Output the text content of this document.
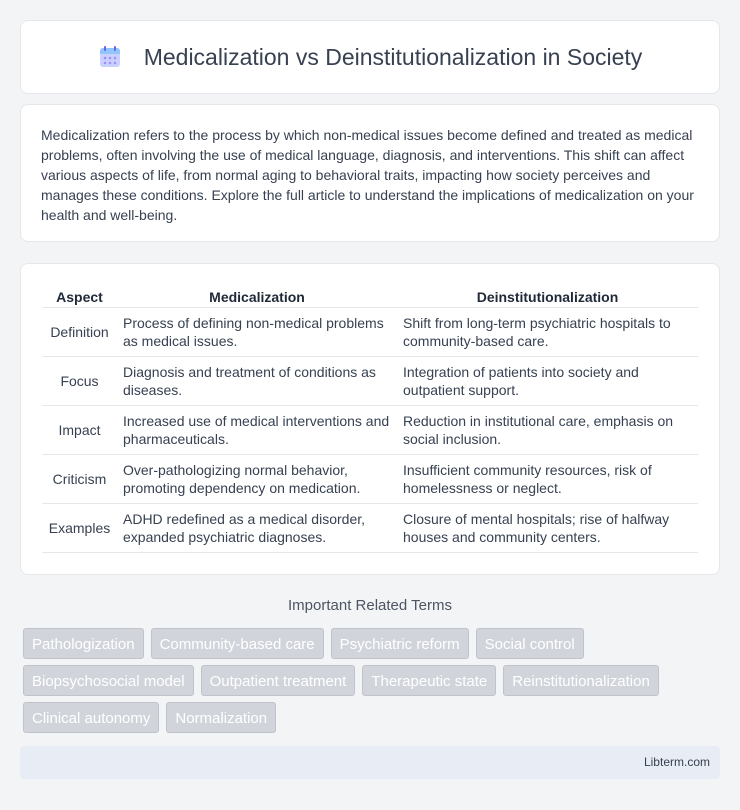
Medicalization vs Deinstitutionalization in Society

Medicalization refers to the process by which non-medical issues become defined and treated as medical problems, often involving the use of medical language, diagnosis, and interventions. This shift can affect various aspects of life, from normal aging to behavioral traits, impacting how society perceives and manages these conditions. Explore the full article to understand the implications of medicalization on your health and well-being.

Aspect	Medicalization	Deinstitutionalization
Definition	Process of defining non-medical problems as medical issues.	Shift from long-term psychiatric hospitals to community-based care.
Focus	Diagnosis and treatment of conditions as diseases.	Integration of patients into society and outpatient support.
Impact	Increased use of medical interventions and pharmaceuticals.	Reduction in institutional care, emphasis on social inclusion.
Criticism	Over-pathologizing normal behavior, promoting dependency on medication.	Insufficient community resources, risk of homelessness or neglect.
Examples	ADHD redefined as a medical disorder, expanded psychiatric diagnoses.	Closure of mental hospitals; rise of halfway houses and community centers.
Important Related Terms
Pathologization	Community-based care	Psychiatric reform	Social control
Biopsychosocial model	Outpatient treatment	Therapeutic state	Reinstitutionalization
Clinical autonomy	Normalization
Libterm.com
